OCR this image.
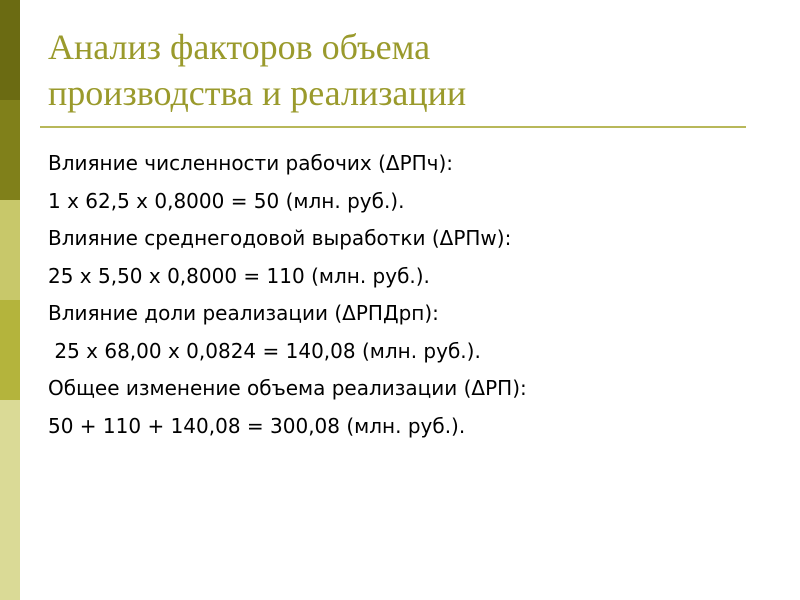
Анализ факторов объема
производства и реализации
Влияние численности рабочих (ΔРПч):
1 х 62,5 х 0,8000 = 50 (млн. руб.).
Влияние среднегодовой выработки (ΔРПw):
25 х 5,50 х 0,8000 = 110 (млн. руб.).
Влияние доли реализации (ΔРПДрп):
25 х 68,00 х 0,0824 = 140,08 (млн. руб.).
Общее изменение объема реализации (ΔРП):
50 + 110 + 140,08 = 300,08 (млн. руб.).
